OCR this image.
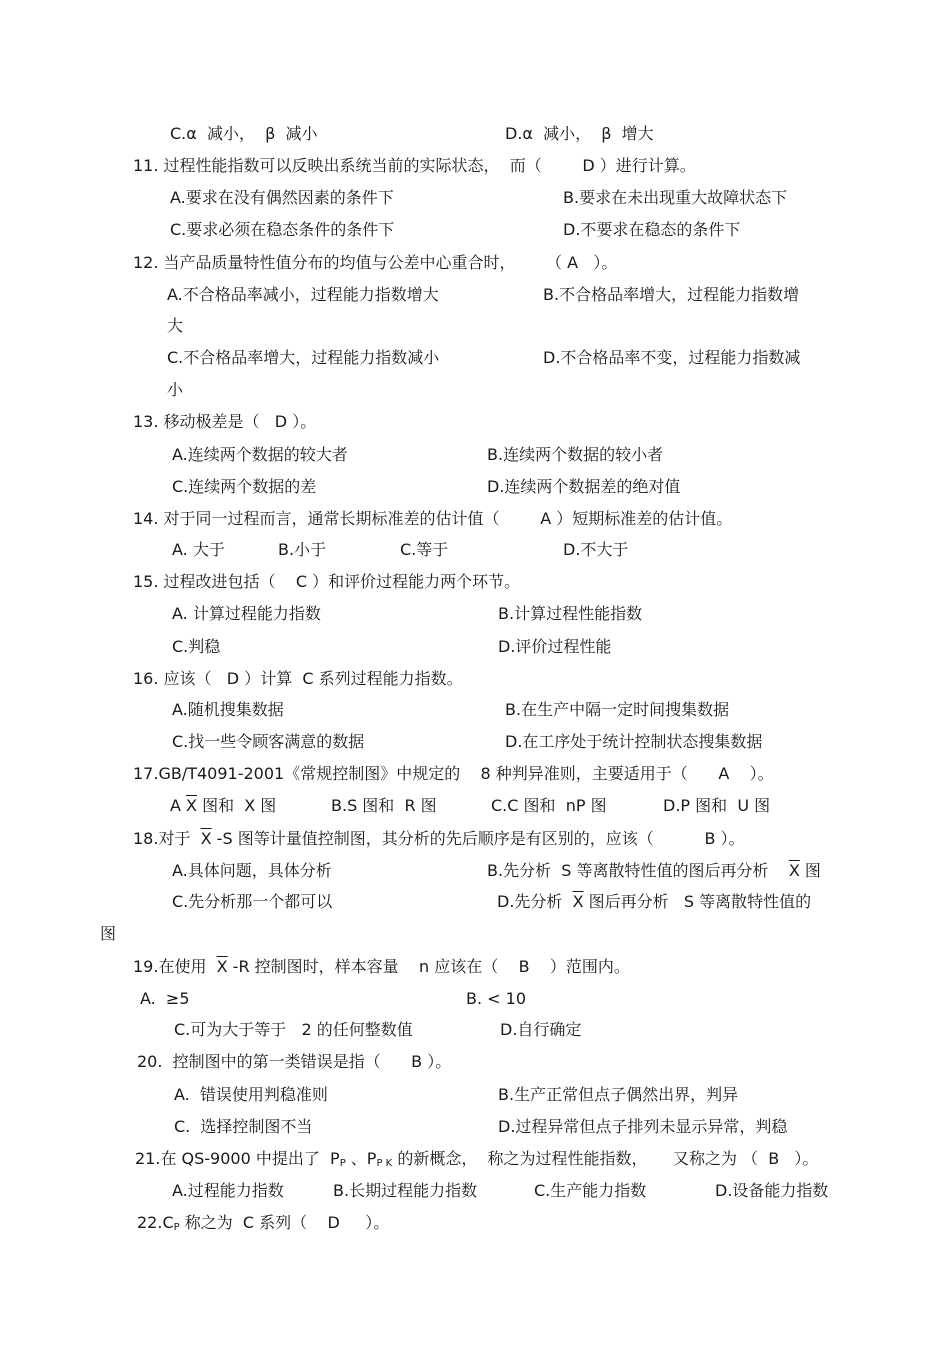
C.α  减小，  β  减小	D.α  减小，  β  增大
11. 过程性能指数可以反映出系统当前的实际状态，  而（        D ）进行计算。
A.要求在没有偶然因素的条件下	B.要求在未出现重大故障状态下
C.要求必须在稳态条件的条件下	D.不要求在稳态的条件下
12. 当产品质量特性值分布的均值与公差中心重合时，      （ A   ）。
A.不合格品率减小，过程能力指数增大	B.不合格品率增大，过程能力指数增
大
C.不合格品率增大，过程能力指数减小	D.不合格品率不变，过程能力指数减
小
13. 移动极差是（   D ）。
A.连续两个数据的较大者	B.连续两个数据的较小者
C.连续两个数据的差	D.连续两个数据差的绝对值
14. 对于同一过程而言，通常长期标准差的估计值（        A ）短期标准差的估计值。
A. 大于	B.小于	C.等于	D.不大于
15. 过程改进包括（    C ）和评价过程能力两个环节。
A. 计算过程能力指数	B.计算过程性能指数
C.判稳	D.评价过程性能
16. 应该（   D ）计算  C 系列过程能力指数。
A.随机搜集数据	B.在生产中隔一定时间搜集数据
C.找一些令顾客满意的数据	D.在工序处于统计控制状态搜集数据
17.GB/T4091-2001《常规控制图》中规定的    8 种判异准则，主要适用于（      A    ）。
A $\overline{X}$ 图和  X 图	B.S 图和  R 图	C.C 图和  nP 图	D.P 图和  U 图
18.对于  $\overline{X}$ -S 图等计量值控制图，其分析的先后顺序是有区别的，应该（          B ）。
A.具体问题，具体分析	B.先分析  S 等离散特性值的图后再分析    $\overline{X}$ 图
C.先分析那一个都可以	D.先分析  $\overline{X}$ 图后再分析   S 等离散特性值的
图
19.在使用  $\overline{X}$ -R 控制图时，样本容量    n 应该在（    B    ）范围内。
A.  ≥5	B. < 10
C.可为大于等于   2 的任何整数值	D.自行确定
20.  控制图中的第一类错误是指（      B ）。
A.  错误使用判稳准则	B.生产正常但点子偶然出界，判异
C.  选择控制图不当	D.过程异常但点子排列未显示异常，判稳
21.在 QS-9000 中提出了  PP 、PP K 的新概念，  称之为过程性能指数，     又称之为 （  B   ）。
A.过程能力指数	B.长期过程能力指数	C.生产能力指数	D.设备能力指数
22.CP 称之为  C 系列（    D     ）。
